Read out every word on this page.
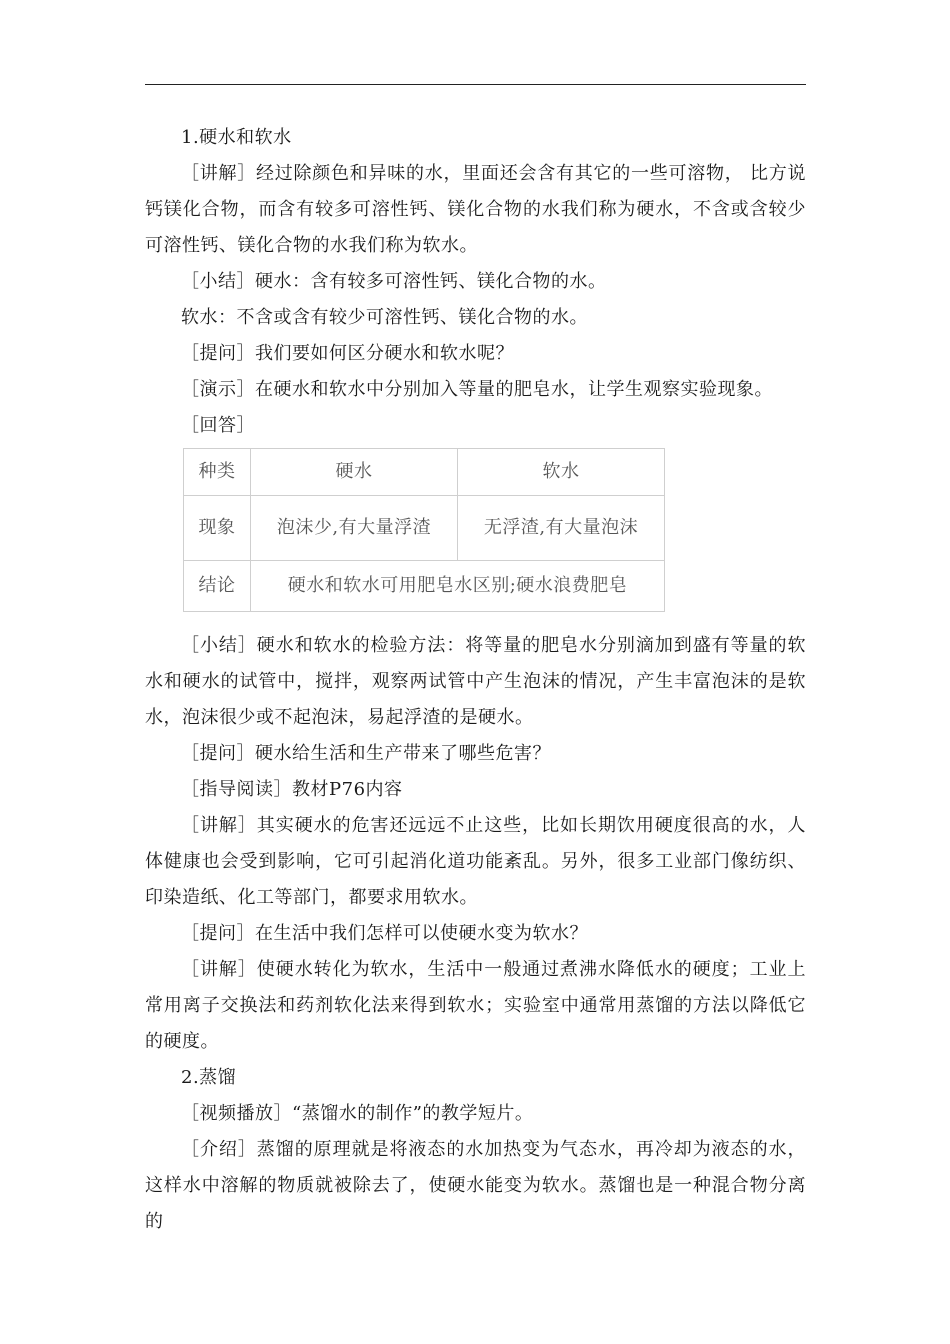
1.硬水和软水

［讲解］经过除颜色和异味的水，里面还会含有其它的一些可溶物， 比方说钙镁化合物，而含有较多可溶性钙、镁化合物的水我们称为硬水，不含或含较少可溶性钙、镁化合物的水我们称为软水。

［小结］硬水：含有较多可溶性钙、镁化合物的水。

软水：不含或含有较少可溶性钙、镁化合物的水。

［提问］我们要如何区分硬水和软水呢？

［演示］在硬水和软水中分别加入等量的肥皂水，让学生观察实验现象。

［回答］

种类	硬水	软水
现象	泡沫少,有大量浮渣	无浮渣,有大量泡沫
结论	硬水和软水可用肥皂水区别;硬水浪费肥皂	

［小结］硬水和软水的检验方法：将等量的肥皂水分别滴加到盛有等量的软水和硬水的试管中，搅拌，观察两试管中产生泡沫的情况，产生丰富泡沫的是软水，泡沫很少或不起泡沫，易起浮渣的是硬水。

［提问］硬水给生活和生产带来了哪些危害？

［指导阅读］教材P76内容

［讲解］其实硬水的危害还远远不止这些，比如长期饮用硬度很高的水，人体健康也会受到影响，它可引起消化道功能紊乱。另外，很多工业部门像纺织、印染造纸、化工等部门，都要求用软水。

［提问］在生活中我们怎样可以使硬水变为软水？

［讲解］使硬水转化为软水，生活中一般通过煮沸水降低水的硬度；工业上常用离子交换法和药剂软化法来得到软水；实验室中通常用蒸馏的方法以降低它的硬度。

2.蒸馏

［视频播放］“蒸馏水的制作”的教学短片。

［介绍］蒸馏的原理就是将液态的水加热变为气态水，再冷却为液态的水，这样水中溶解的物质就被除去了，使硬水能变为软水。蒸馏也是一种混合物分离的
